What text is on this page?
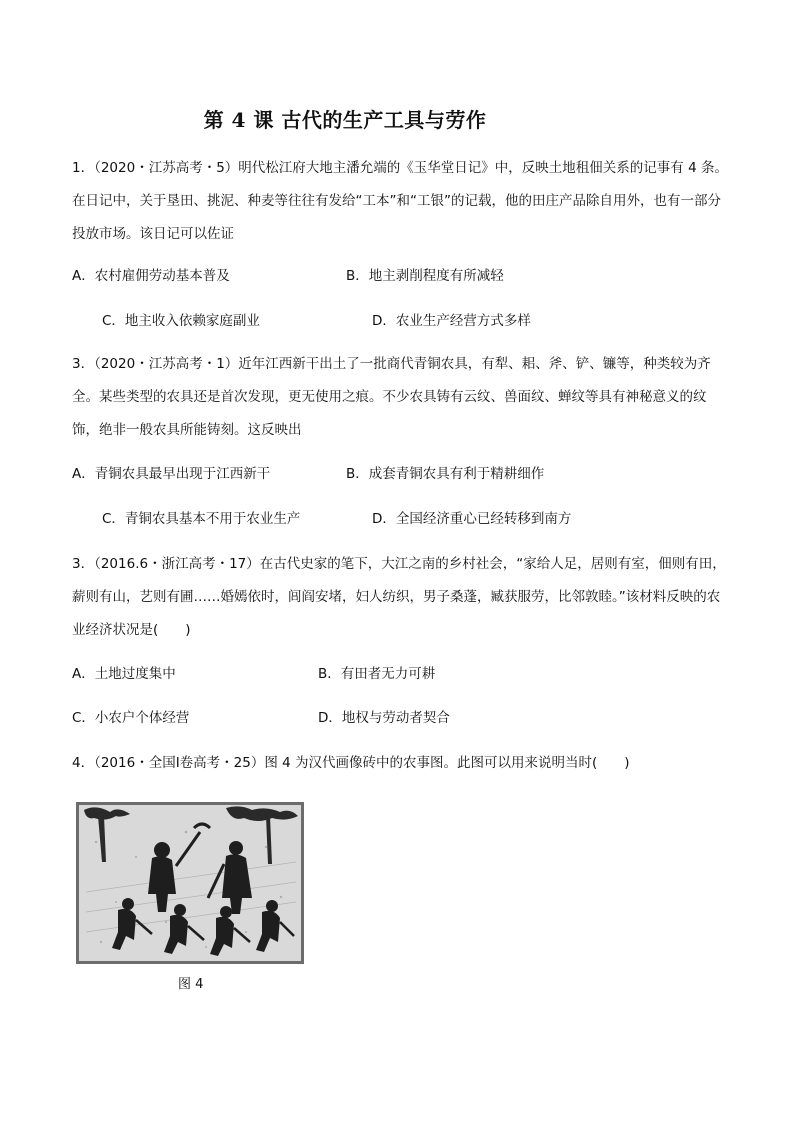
第 4 课 古代的生产工具与劳作
1．（2020・江苏高考・5）明代松江府大地主潘允端的《玉华堂日记》中，反映土地租佃关系的记事有 4 条。在日记中，关于垦田、挑泥、种麦等往往有发给“工本”和“工银”的记载，他的田庄产品除自用外，也有一部分投放市场。该日记可以佐证
A．农村雇佣劳动基本普及	B．地主剥削程度有所减轻
C．地主收入依赖家庭副业	D．农业生产经营方式多样
3．（2020・江苏高考・1）近年江西新干出土了一批商代青铜农具，有犁、耜、斧、铲、镰等，种类较为齐全。某些类型的农具还是首次发现，更无使用之痕。不少农具铸有云纹、兽面纹、蝉纹等具有神秘意义的纹饰，绝非一般农具所能铸刻。这反映出
A．青铜农具最早出现于江西新干	B．成套青铜农具有利于精耕细作
C．青铜农具基本不用于农业生产	D．全国经济重心已经转移到南方
3．（2016.6・浙江高考・17）在古代史家的笔下，大江之南的乡村社会，“家给人足，居则有室，佃则有田，薪则有山，艺则有圃……婚嫣依时，闾阎安堵，妇人纺织，男子桑蓬，臧获服劳，比邻敦睦。”该材料反映的农业经济状况是(　　)
A．土地过度集中	B．有田者无力可耕
C．小农户个体经营	D．地权与劳动者契合
4．（2016・全国Ⅰ卷高考・25）图 4 为汉代画像砖中的农事图。此图可以用来说明当时(　　)
图 4
